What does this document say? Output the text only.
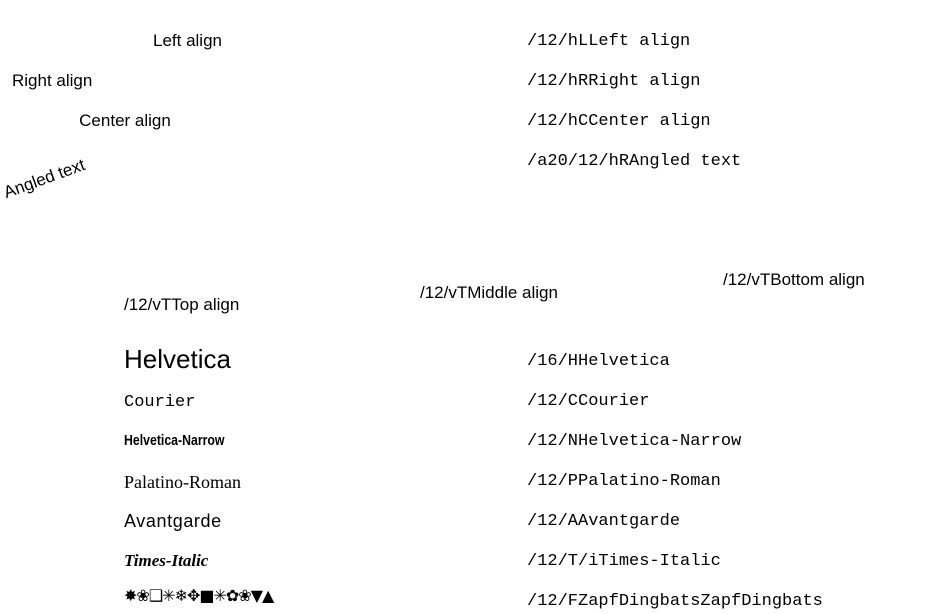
Left align
Right align
Center align
Angled text
/12/hLLeft align
/12/hRRight align
/12/hCCenter align
/a20/12/hRAngled text
/12/vTTop align
/12/vTMiddle align
/12/vTBottom align
Helvetica
Courier
Helvetica-Narrow
Palatino-Roman
Avantgarde
Times-Italic
✸❀❑✳❄✥■✳✿❀▼▲
/16/HHelvetica
/12/CCourier
/12/NHelvetica-Narrow
/12/PPalatino-Roman
/12/AAvantgarde
/12/T/iTimes-Italic
/12/FZapfDingbatsZapfDingbats
